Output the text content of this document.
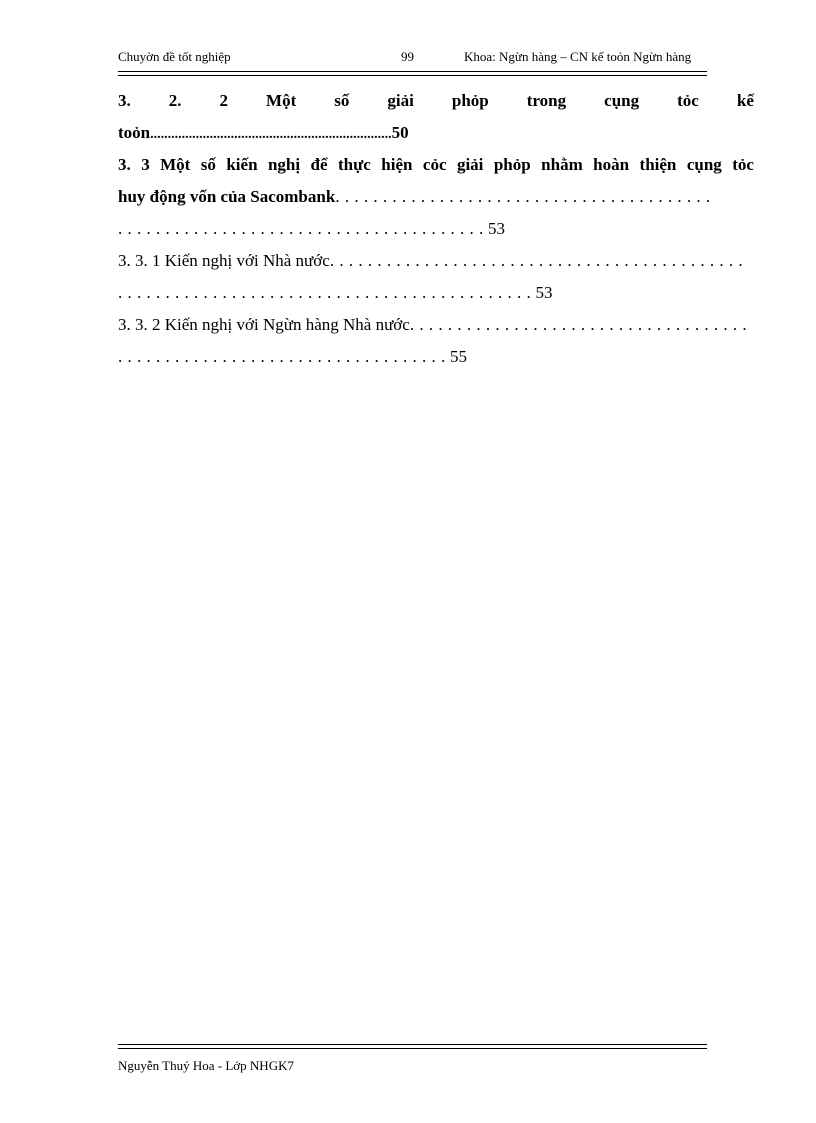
Chuyờn đề tốt nghiệp	99	Khoa: Ngừn hàng – CN kế toỏn Ngừn hàng
3. 2. 2 Một số giải phỏp trong cụng tỏc kế
toỏn.....................................................................50
3. 3 Một số kiến nghị để thực hiện cỏc giải phỏp nhằm hoàn thiện cụng tỏc
huy động vốn của Sacombank. . . . . . . . . . . . . . . . . . . . . . . . . . . . . . . . . . . . . . . .
. . . . . . . . . . . . . . . . . . . . . . . . . . . . . . . . . . . . . . . 53
3. 3. 1 Kiến nghị với Nhà nước. . . . . . . . . . . . . . . . . . . . . . . . . . . . . . . . . . . . . . . . . . . .
. . . . . . . . . . . . . . . . . . . . . . . . . . . . . . . . . . . . . . . . . . . . 53
3. 3. 2 Kiến nghị với Ngừn hàng Nhà nước. . . . . . . . . . . . . . . . . . . . . . . . . . . . . . . . . . . .
. . . . . . . . . . . . . . . . . . . . . . . . . . . . . . . . . . . 55
Nguyễn Thuý Hoa - Lớp NHGK7
